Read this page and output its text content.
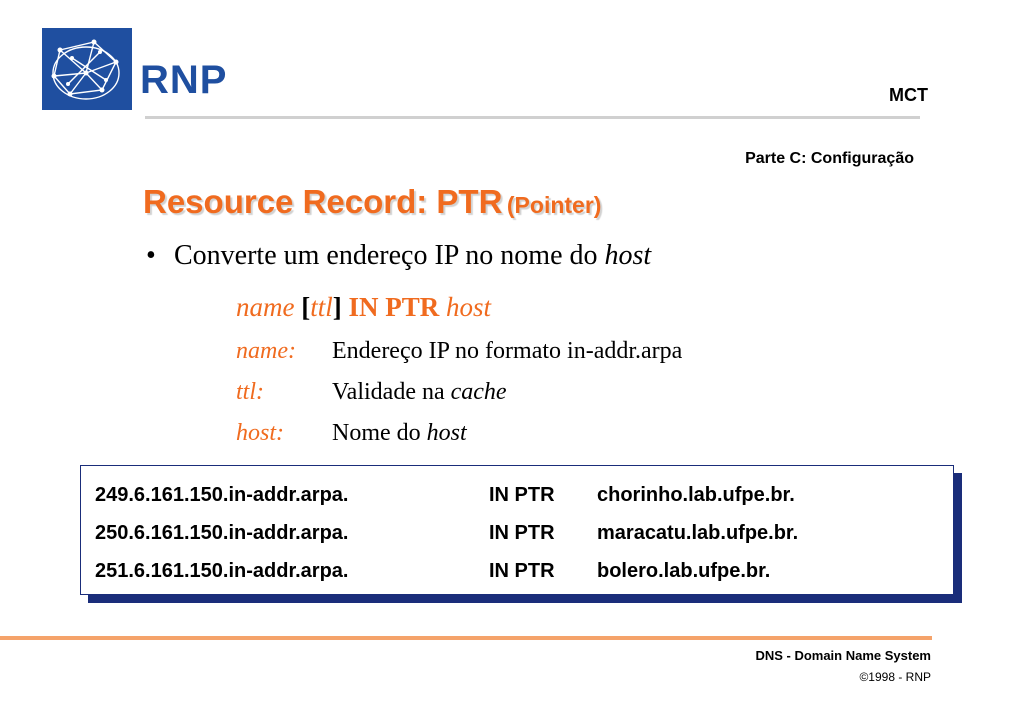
RNP	MCT
Parte C: Configuração
Resource Record: PTR (Pointer)
• Converte um endereço IP no nome do host
name [ttl] IN PTR host
name: Endereço IP no formato in-addr.arpa
ttl:	Validade na cache
host: Nome do host
249.6.161.150.in-addr.arpa.	IN PTR chorinho.lab.ufpe.br.
250.6.161.150.in-addr.arpa.	IN PTR maracatu.lab.ufpe.br.
251.6.161.150.in-addr.arpa.	IN PTR bolero.lab.ufpe.br.
DNS - Domain Name System
©1998 - RNP
